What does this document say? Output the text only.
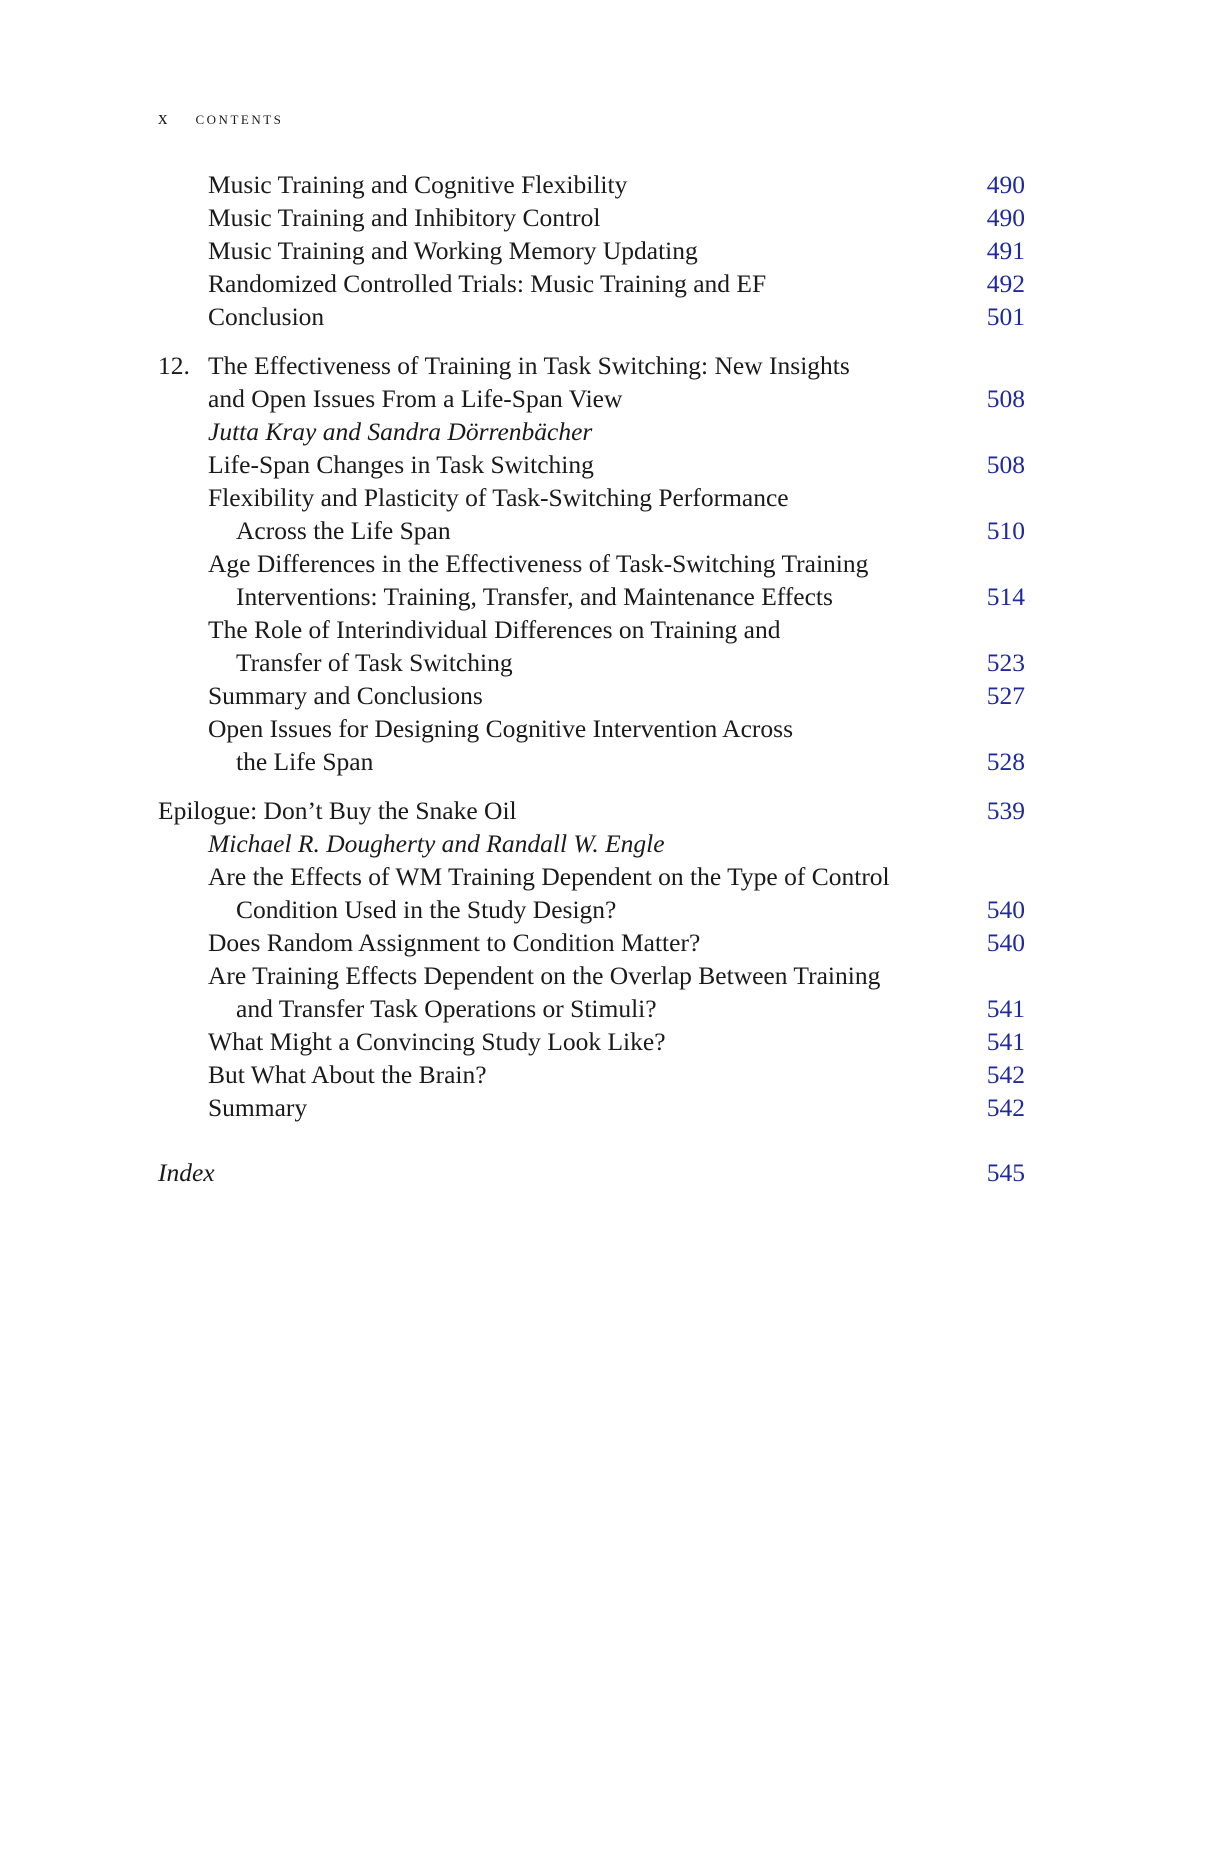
x contents
Music Training and Cognitive Flexibility	490
Music Training and Inhibitory Control	490
Music Training and Working Memory Updating	491
Randomized Controlled Trials: Music Training and EF	492
Conclusion	501
12. The Effectiveness of Training in Task Switching: New Insights
and Open Issues From a Life-Span View	508
Jutta Kray and Sandra Dörrenbächer
Life-Span Changes in Task Switching	508
Flexibility and Plasticity of Task-Switching Performance
Across the Life Span	510
Age Differences in the Effectiveness of Task-Switching Training
Interventions: Training, Transfer, and Maintenance Effects	514
The Role of Interindividual Differences on Training and
Transfer of Task Switching	523
Summary and Conclusions	527
Open Issues for Designing Cognitive Intervention Across
the Life Span	528
Epilogue: Don’t Buy the Snake Oil	539
Michael R. Dougherty and Randall W. Engle
Are the Effects of WM Training Dependent on the Type of Control
Condition Used in the Study Design?	540
Does Random Assignment to Condition Matter?	540
Are Training Effects Dependent on the Overlap Between Training
and Transfer Task Operations or Stimuli?	541
What Might a Convincing Study Look Like?	541
But What About the Brain?	542
Summary	542
Index	545
